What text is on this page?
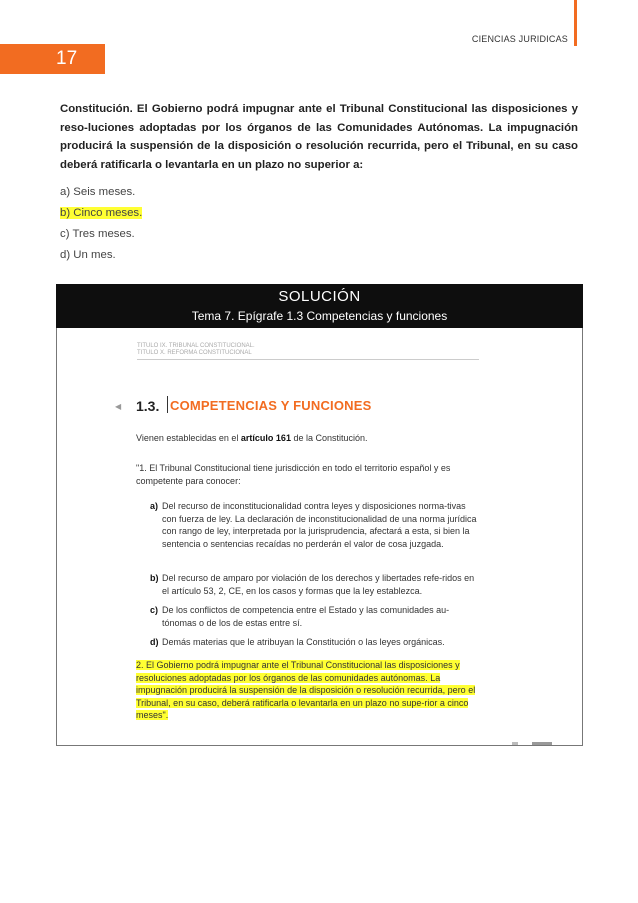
CIENCIAS JURIDICAS
17
Constitución. El Gobierno podrá impugnar ante el Tribunal Constitucional las disposiciones y reso-luciones adoptadas por los órganos de las Comunidades Autónomas. La impugnación producirá la suspensión de la disposición o resolución recurrida, pero el Tribunal, en su caso deberá ratificarla o levantarla en un plazo no superior a:
a) Seis meses.
b) Cinco meses.
c) Tres meses.
d) Un mes.
SOLUCIÓN
Tema 7. Epígrafe 1.3 Competencias y funciones
TITULO IX. TRIBUNAL CONSTITUCIONAL.
TITULO X. REFORMA CONSTITUCIONAL
◀ 1.3. COMPETENCIAS Y FUNCIONES
Vienen establecidas en el artículo 161 de la Constitución.
"1. El Tribunal Constitucional tiene jurisdicción en todo el territorio español y es competente para conocer:
a) Del recurso de inconstitucionalidad contra leyes y disposiciones norma-tivas con fuerza de ley. La declaración de inconstitucionalidad de una norma jurídica con rango de ley, interpretada por la jurisprudencia, afectará a esta, si bien la sentencia o sentencias recaídas no perderán el valor de cosa juzgada.
b) Del recurso de amparo por violación de los derechos y libertades refe-ridos en el artículo 53, 2, CE, en los casos y formas que la ley establezca.
c) De los conflictos de competencia entre el Estado y las comunidades au-tónomas o de los de estas entre sí.
d) Demás materias que le atribuyan la Constitución o las leyes orgánicas.
2. El Gobierno podrá impugnar ante el Tribunal Constitucional las disposiciones y resoluciones adoptadas por los órganos de las comunidades autónomas. La impugnación producirá la suspensión de la disposición o resolución recurrida, pero el Tribunal, en su caso, deberá ratificarla o levantarla en un plazo no supe-rior a cinco meses".
